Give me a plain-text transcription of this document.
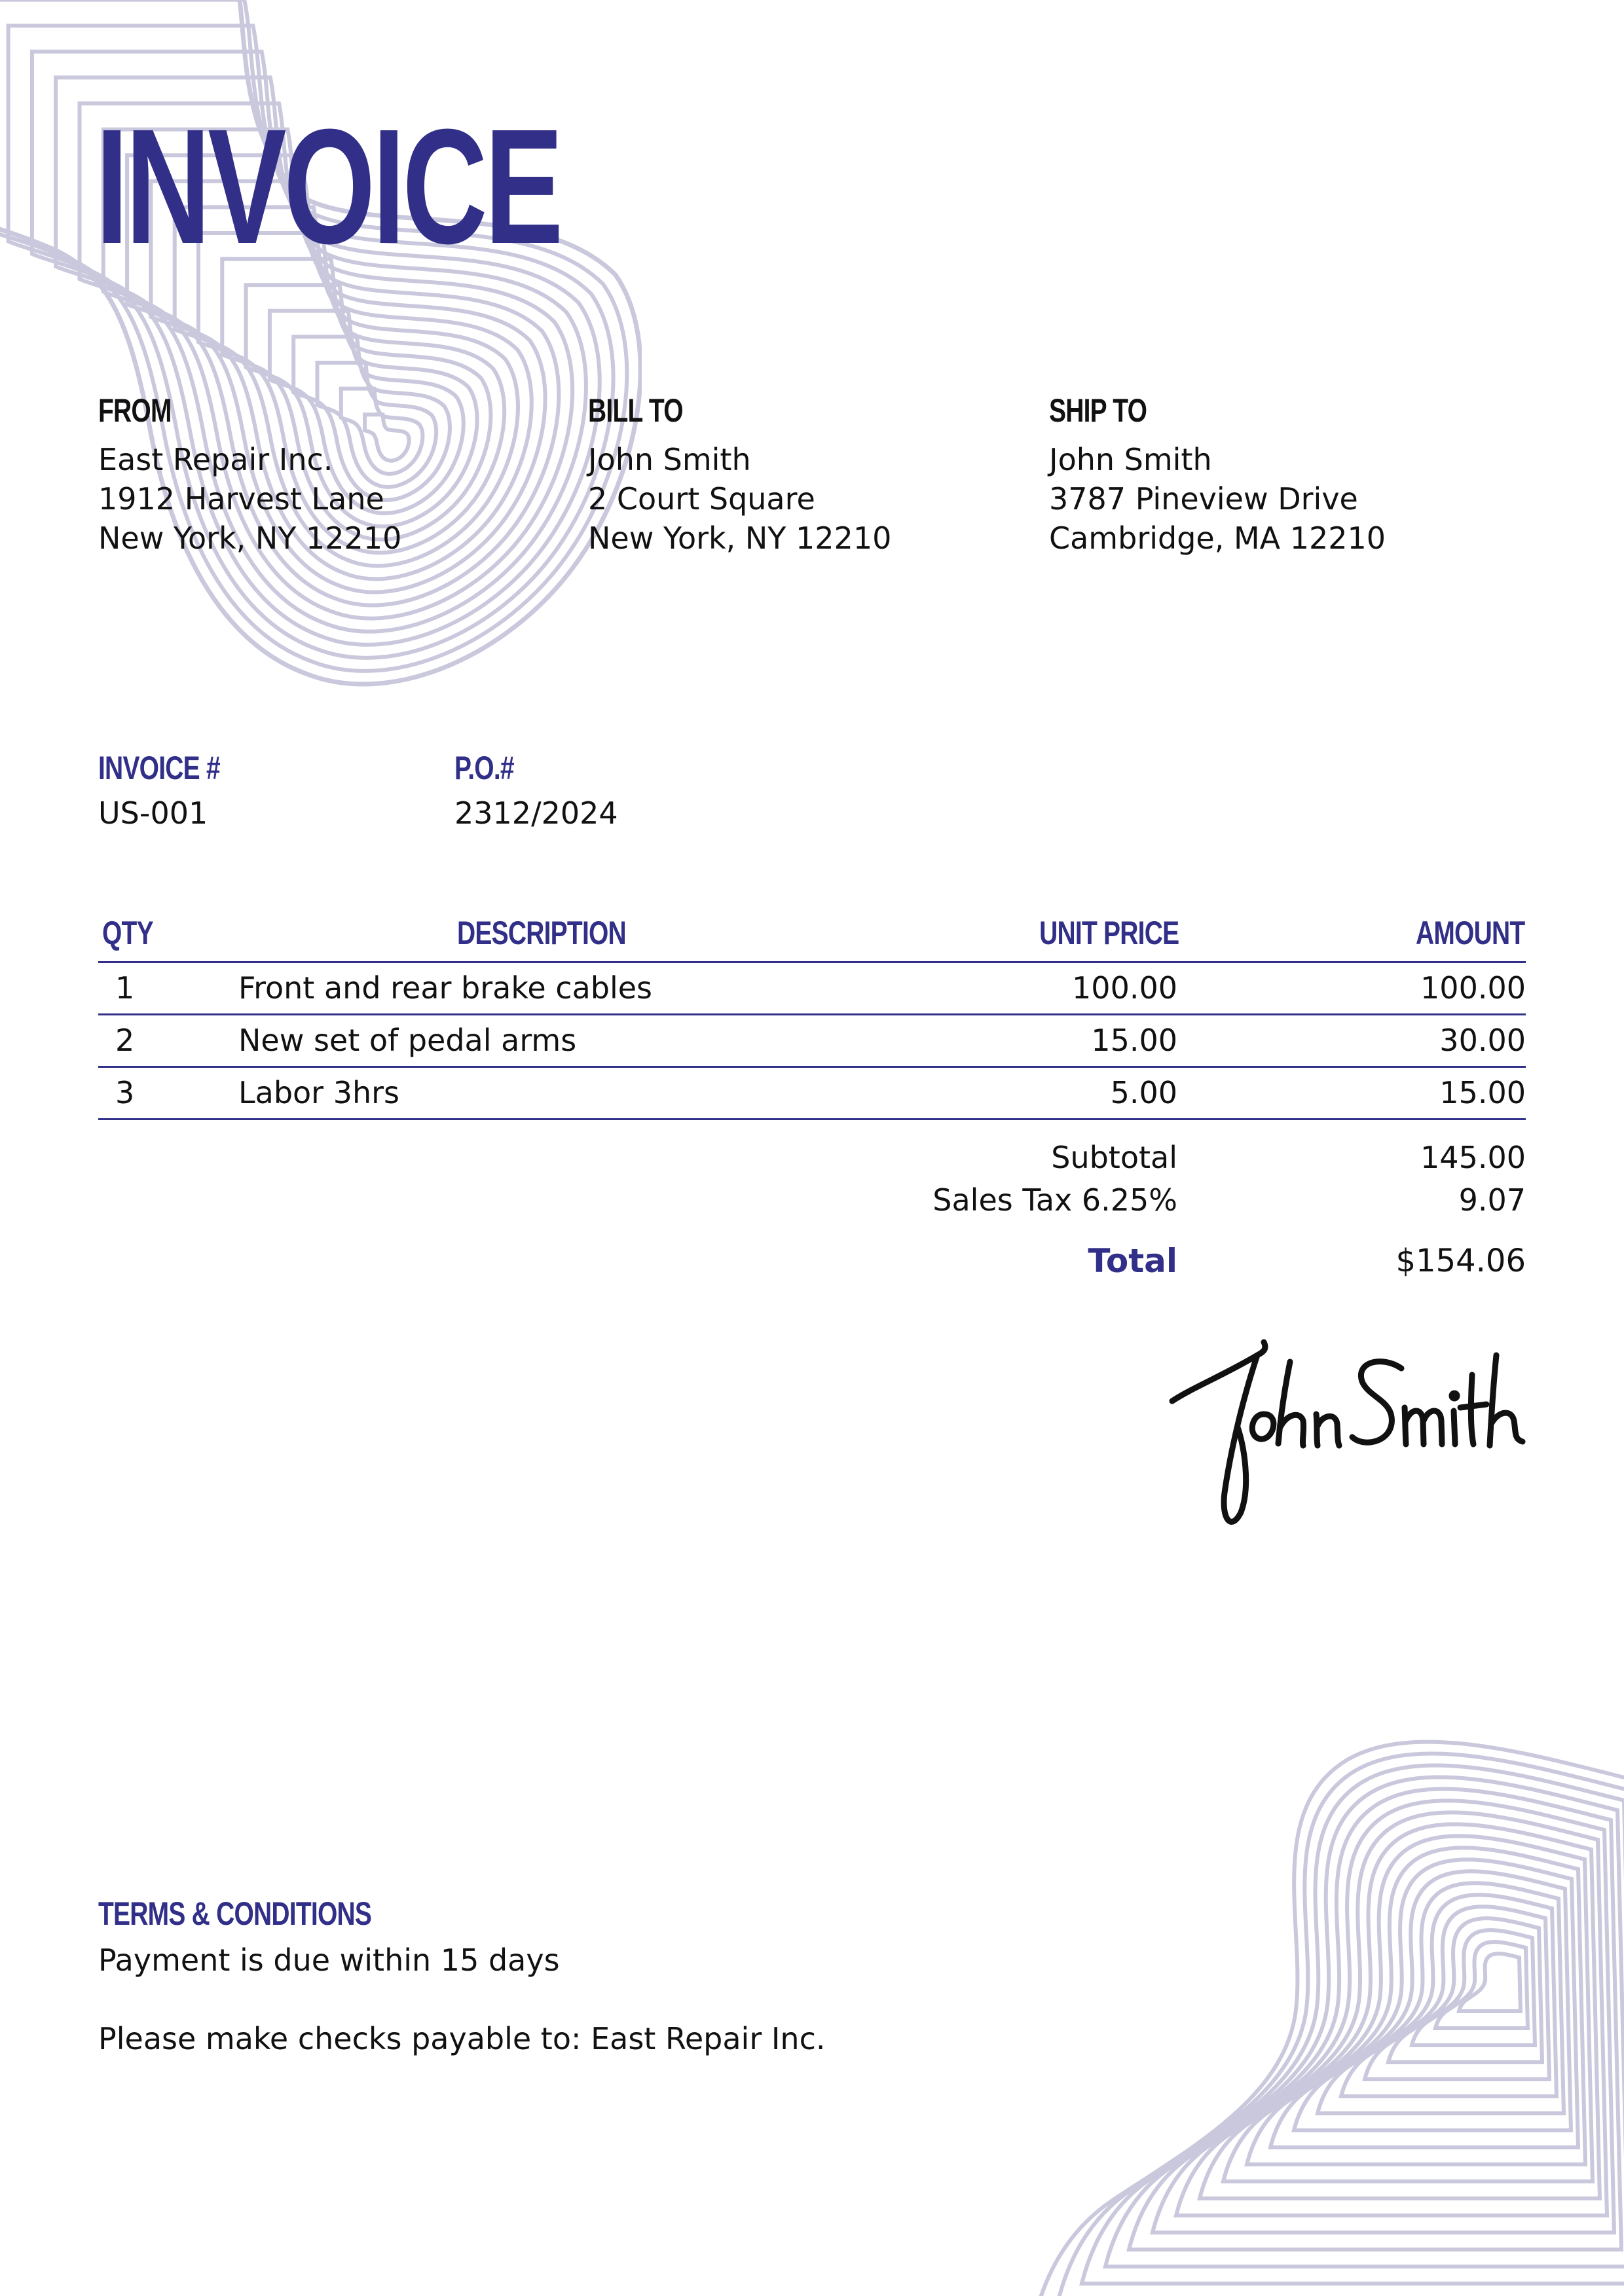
INVOICE
FROM
East Repair Inc.
1912 Harvest Lane
New York, NY 12210
BILL TO
John Smith
2 Court Square
New York, NY 12210
SHIP TO
John Smith
3787 Pineview Drive
Cambridge, MA 12210
INVOICE #
US-001
P.O.#
2312/2024
QTY	DESCRIPTION	UNIT PRICE	AMOUNT
1	Front and rear brake cables	100.00	100.00
2	New set of pedal arms	15.00	30.00
3	Labor 3hrs	5.00	15.00
Subtotal	145.00
Sales Tax 6.25%	9.07
Total	$154.06
TERMS & CONDITIONS
Payment is due within 15 days
Please make checks payable to: East Repair Inc.
